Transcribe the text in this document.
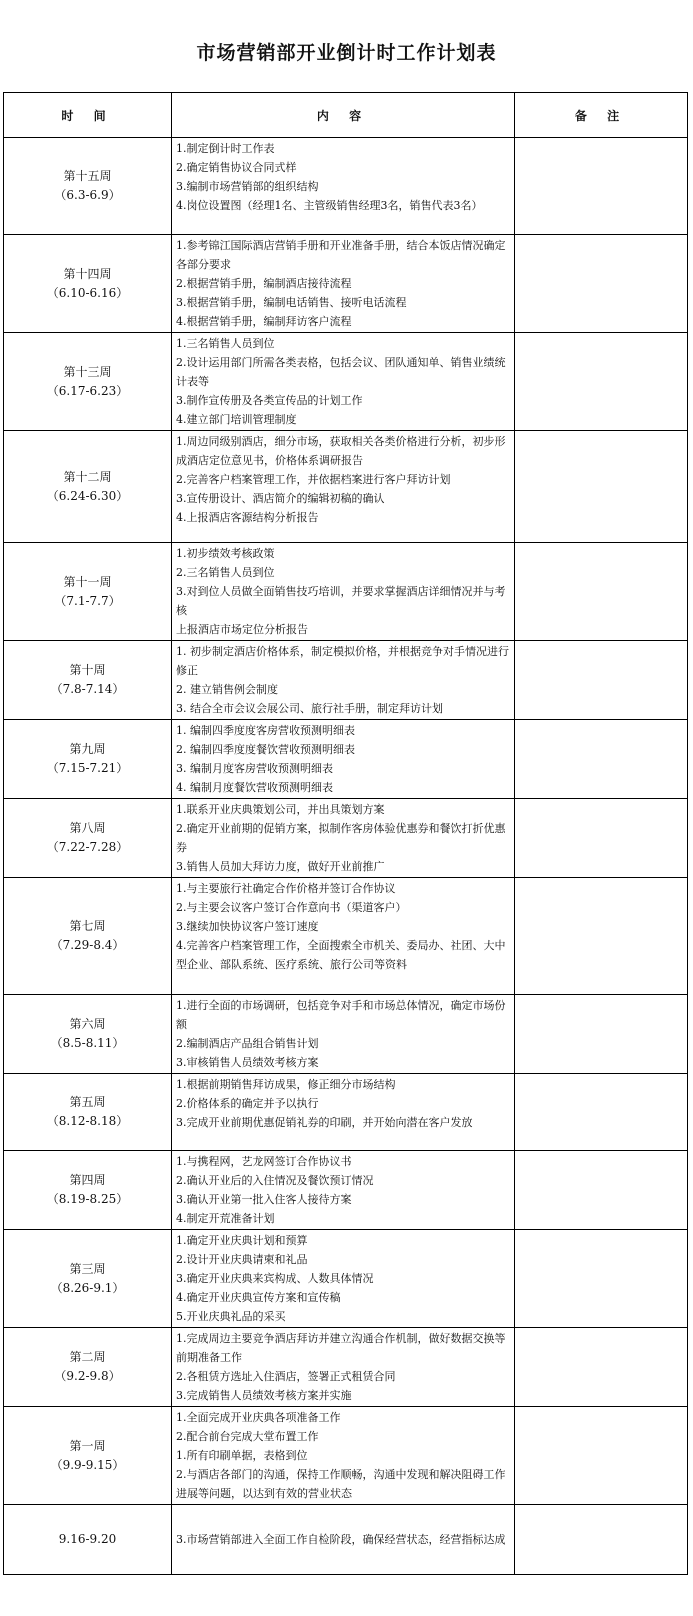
市场营销部开业倒计时工作计划表
时 间	内 容	备 注

第十五周
（6.3-6.9）	1.制定倒计时工作表
2.确定销售协议合同式样
3.编制市场营销部的组织结构
4.岗位设置图（经理1名、主管级销售经理3名，销售代表3名）	

第十四周
（6.10-6.16）	1.参考锦江国际酒店营销手册和开业准备手册，结合本饭店情况确定各部分要求
2.根据营销手册，编制酒店接待流程
3.根据营销手册，编制电话销售、接听电话流程
4.根据营销手册，编制拜访客户流程	

第十三周
（6.17-6.23）	1.三名销售人员到位
2.设计运用部门所需各类表格，包括会议、团队通知单、销售业绩统计表等
3.制作宣传册及各类宣传品的计划工作
4.建立部门培训管理制度	

第十二周
（6.24-6.30）	1.周边同级别酒店，细分市场，获取相关各类价格进行分析，初步形成酒店定位意见书，价格体系调研报告
2.完善客户档案管理工作，并依据档案进行客户拜访计划
3.宣传册设计、酒店简介的编辑初稿的确认
4.上报酒店客源结构分析报告	

第十一周
（7.1-7.7）	1.初步绩效考核政策
2.三名销售人员到位
3.对到位人员做全面销售技巧培训，并要求掌握酒店详细情况并与考核
上报酒店市场定位分析报告	

第十周
（7.8-7.14）	1. 初步制定酒店价格体系，制定模拟价格，并根据竞争对手情况进行修正
2. 建立销售例会制度
3. 结合全市会议会展公司、旅行社手册，制定拜访计划	

第九周
（7.15-7.21）	1. 编制四季度度客房营收预测明细表
2. 编制四季度度餐饮营收预测明细表
3. 编制月度客房营收预测明细表
4. 编制月度餐饮营收预测明细表	

第八周
（7.22-7.28）	1.联系开业庆典策划公司，并出具策划方案
2.确定开业前期的促销方案，拟制作客房体验优惠券和餐饮打折优惠券
3.销售人员加大拜访力度，做好开业前推广	

第七周
（7.29-8.4）	1.与主要旅行社确定合作价格并签订合作协议
2.与主要会议客户签订合作意向书（渠道客户）
3.继续加快协议客户签订速度
4.完善客户档案管理工作，全面搜索全市机关、委局办、社团、大中型企业、部队系统、医疗系统、旅行公司等资料	

第六周
（8.5-8.11）	1.进行全面的市场调研，包括竞争对手和市场总体情况，确定市场份额
2.编制酒店产品组合销售计划
3.审核销售人员绩效考核方案	

第五周
（8.12-8.18）	1.根据前期销售拜访成果，修正细分市场结构
2.价格体系的确定并予以执行
3.完成开业前期优惠促销礼券的印刷，并开始向潜在客户发放	

第四周
（8.19-8.25）	1.与携程网，艺龙网签订合作协议书
2.确认开业后的入住情况及餐饮预订情况
3.确认开业第一批入住客人接待方案
4.制定开荒准备计划	

第三周
（8.26-9.1）	1.确定开业庆典计划和预算
2.设计开业庆典请柬和礼品
3.确定开业庆典来宾构成、人数具体情况
4.确定开业庆典宣传方案和宣传稿
5.开业庆典礼品的采买	

第二周
（9.2-9.8）	1.完成周边主要竞争酒店拜访并建立沟通合作机制，做好数据交换等前期准备工作
2.各租赁方选址入住酒店，签署正式租赁合同
3.完成销售人员绩效考核方案并实施	

第一周
（9.9-9.15）	1.全面完成开业庆典各项准备工作
2.配合前台完成大堂布置工作
1.所有印刷单据，表格到位
2.与酒店各部门的沟通，保持工作顺畅，沟通中发现和解决阻碍工作进展等问题，以达到有效的营业状态	

9.16-9.20	3.市场营销部进入全面工作自检阶段，确保经营状态，经营指标达成	
